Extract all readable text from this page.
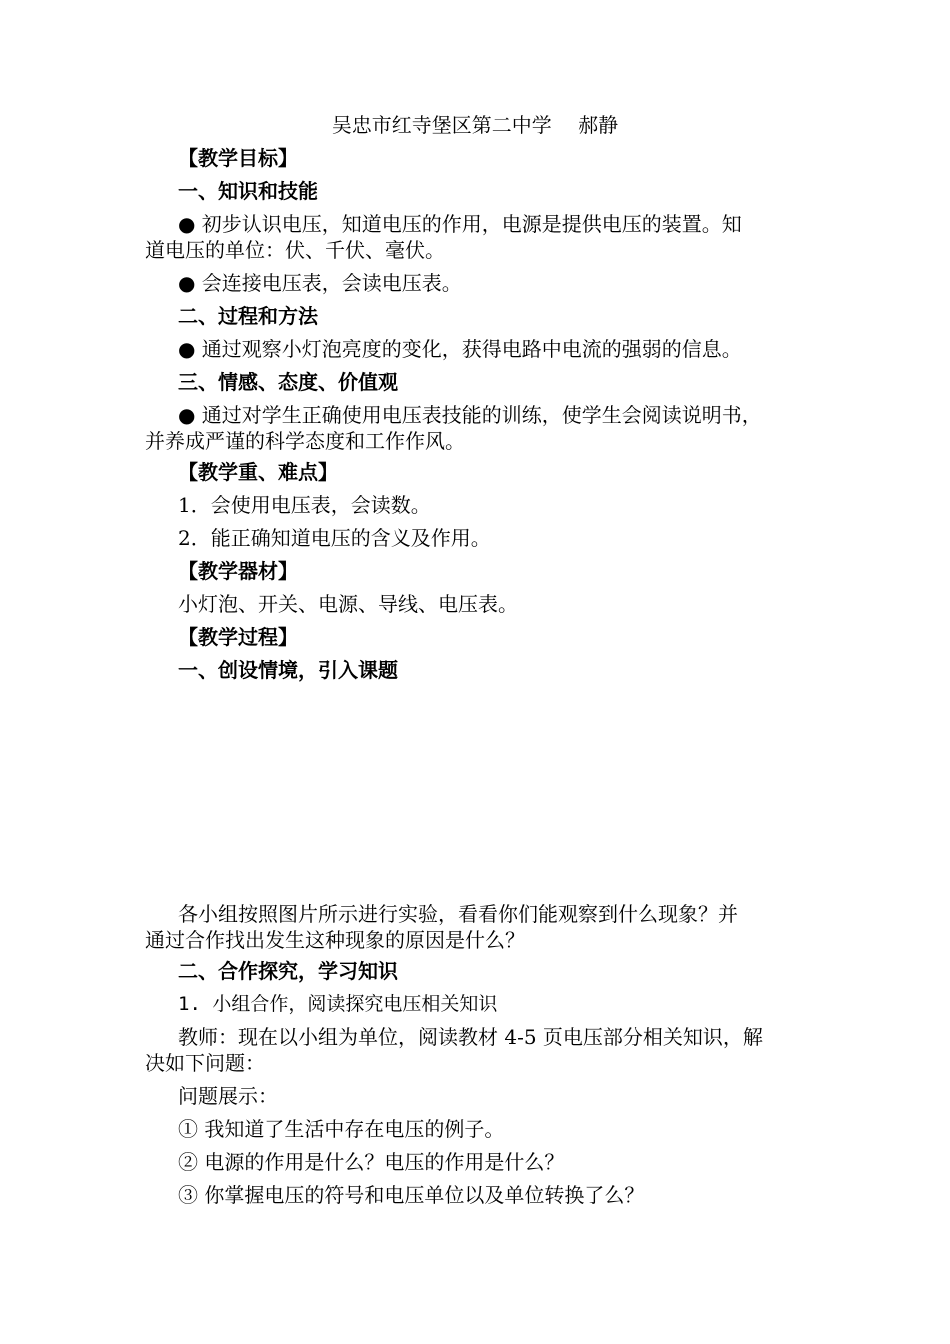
吴忠市红寺堡区第二中学　 郝静
【教学目标】
一、知识和技能
● 初步认识电压，知道电压的作用，电源是提供电压的装置。知
道电压的单位：伏、千伏、毫伏。
● 会连接电压表，会读电压表。
二、过程和方法
● 通过观察小灯泡亮度的变化，获得电路中电流的强弱的信息。
三、情感、态度、价值观
● 通过对学生正确使用电压表技能的训练，使学生会阅读说明书，
并养成严谨的科学态度和工作作风。
【教学重、难点】
1．会使用电压表，会读数。
2．能正确知道电压的含义及作用。
【教学器材】
小灯泡、开关、电源、导线、电压表。
【教学过程】
一、创设情境，引入课题
各小组按照图片所示进行实验，看看你们能观察到什么现象？并
通过合作找出发生这种现象的原因是什么？
二、合作探究，学习知识
1. 小组合作，阅读探究电压相关知识
教师：现在以小组为单位，阅读教材 4-5 页电压部分相关知识，解
决如下问题：
问题展示：
① 我知道了生活中存在电压的例子。
② 电源的作用是什么？电压的作用是什么？
③ 你掌握电压的符号和电压单位以及单位转换了么？
